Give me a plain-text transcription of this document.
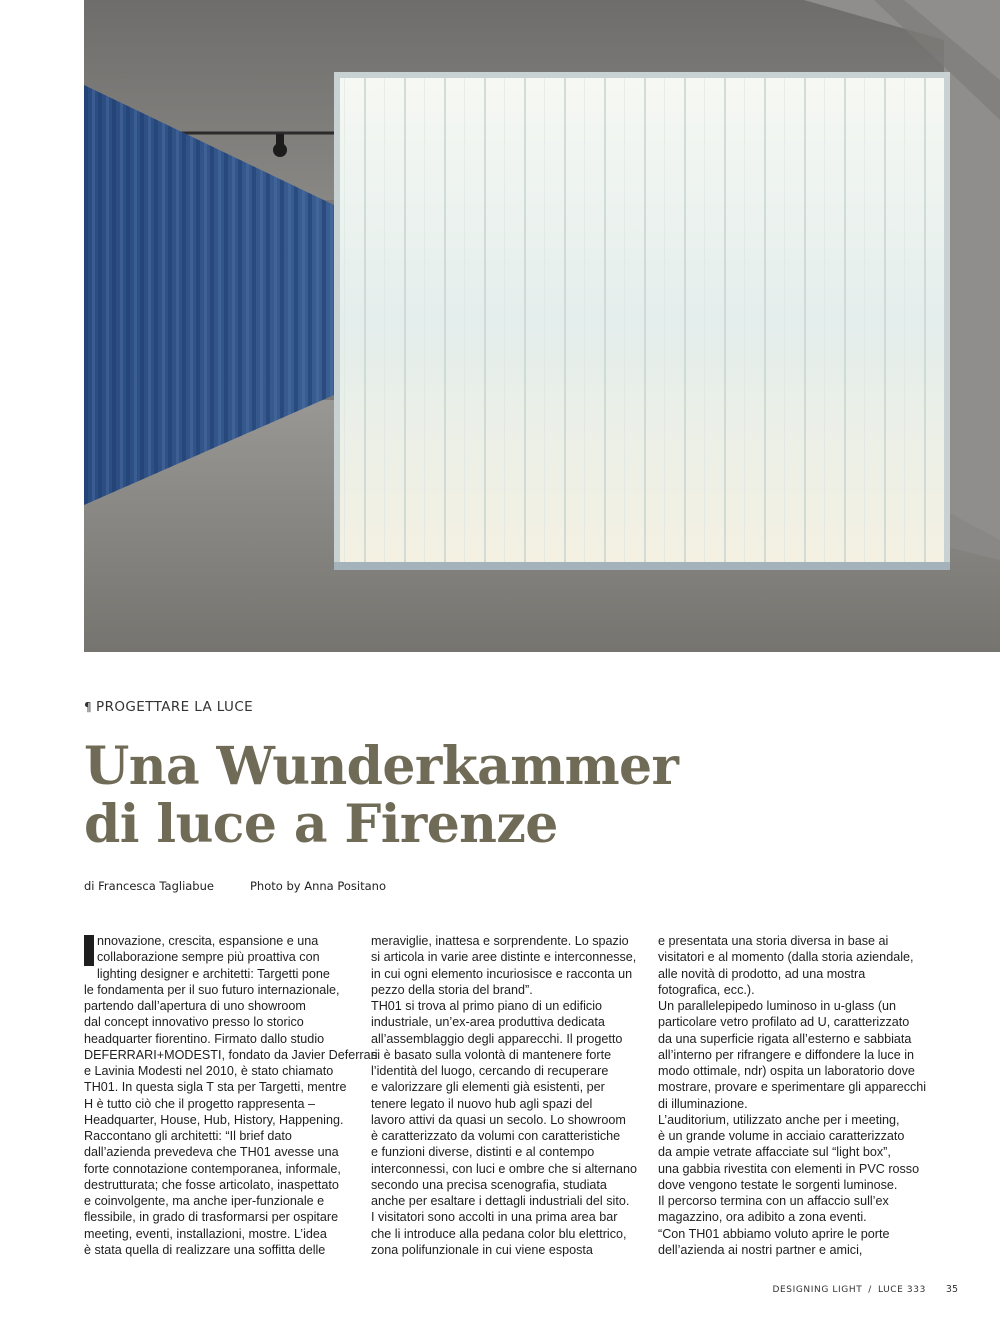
¶ PROGETTARE LA LUCE
Una Wunderkammer
di luce a Firenze
di Francesca Tagliabue	Photo by Anna Positano
nnovazione, crescita, espansione e una
collaborazione sempre più proattiva con
lighting designer e architetti: Targetti pone
le fondamenta per il suo futuro internazionale,
partendo dall’apertura di uno showroom
dal concept innovativo presso lo storico
headquarter fiorentino. Firmato dallo studio
DEFERRARI+MODESTI, fondato da Javier Deferrari
e Lavinia Modesti nel 2010, è stato chiamato
TH01. In questa sigla T sta per Targetti, mentre
H è tutto ciò che il progetto rappresenta –
Headquarter, House, Hub, History, Happening.
Raccontano gli architetti: “Il brief dato
dall’azienda prevedeva che TH01 avesse una
forte connotazione contemporanea, informale,
destrutturata; che fosse articolato, inaspettato
e coinvolgente, ma anche iper-funzionale e
flessibile, in grado di trasformarsi per ospitare
meeting, eventi, installazioni, mostre. L’idea
è stata quella di realizzare una soffitta delle
meraviglie, inattesa e sorprendente. Lo spazio
si articola in varie aree distinte e interconnesse,
in cui ogni elemento incuriosisce e racconta un
pezzo della storia del brand”.
TH01 si trova al primo piano di un edificio
industriale, un’ex-area produttiva dedicata
all’assemblaggio degli apparecchi. Il progetto
si è basato sulla volontà di mantenere forte
l’identità del luogo, cercando di recuperare
e valorizzare gli elementi già esistenti, per
tenere legato il nuovo hub agli spazi del
lavoro attivi da quasi un secolo. Lo showroom
è caratterizzato da volumi con caratteristiche
e funzioni diverse, distinti e al contempo
interconnessi, con luci e ombre che si alternano
secondo una precisa scenografia, studiata
anche per esaltare i dettagli industriali del sito.
I visitatori sono accolti in una prima area bar
che li introduce alla pedana color blu elettrico,
zona polifunzionale in cui viene esposta
e presentata una storia diversa in base ai
visitatori e al momento (dalla storia aziendale,
alle novità di prodotto, ad una mostra
fotografica, ecc.).
Un parallelepipedo luminoso in u-glass (un
particolare vetro profilato ad U, caratterizzato
da una superficie rigata all’esterno e sabbiata
all’interno per rifrangere e diffondere la luce in
modo ottimale, ndr) ospita un laboratorio dove
mostrare, provare e sperimentare gli apparecchi
di illuminazione.
L’auditorium, utilizzato anche per i meeting,
è un grande volume in acciaio caratterizzato
da ampie vetrate affacciate sul “light box”,
una gabbia rivestita con elementi in PVC rosso
dove vengono testate le sorgenti luminose.
Il percorso termina con un affaccio sull’ex
magazzino, ora adibito a zona eventi.
“Con TH01 abbiamo voluto aprire le porte
dell’azienda ai nostri partner e amici,
DESIGNING LIGHT / LUCE 333 35
